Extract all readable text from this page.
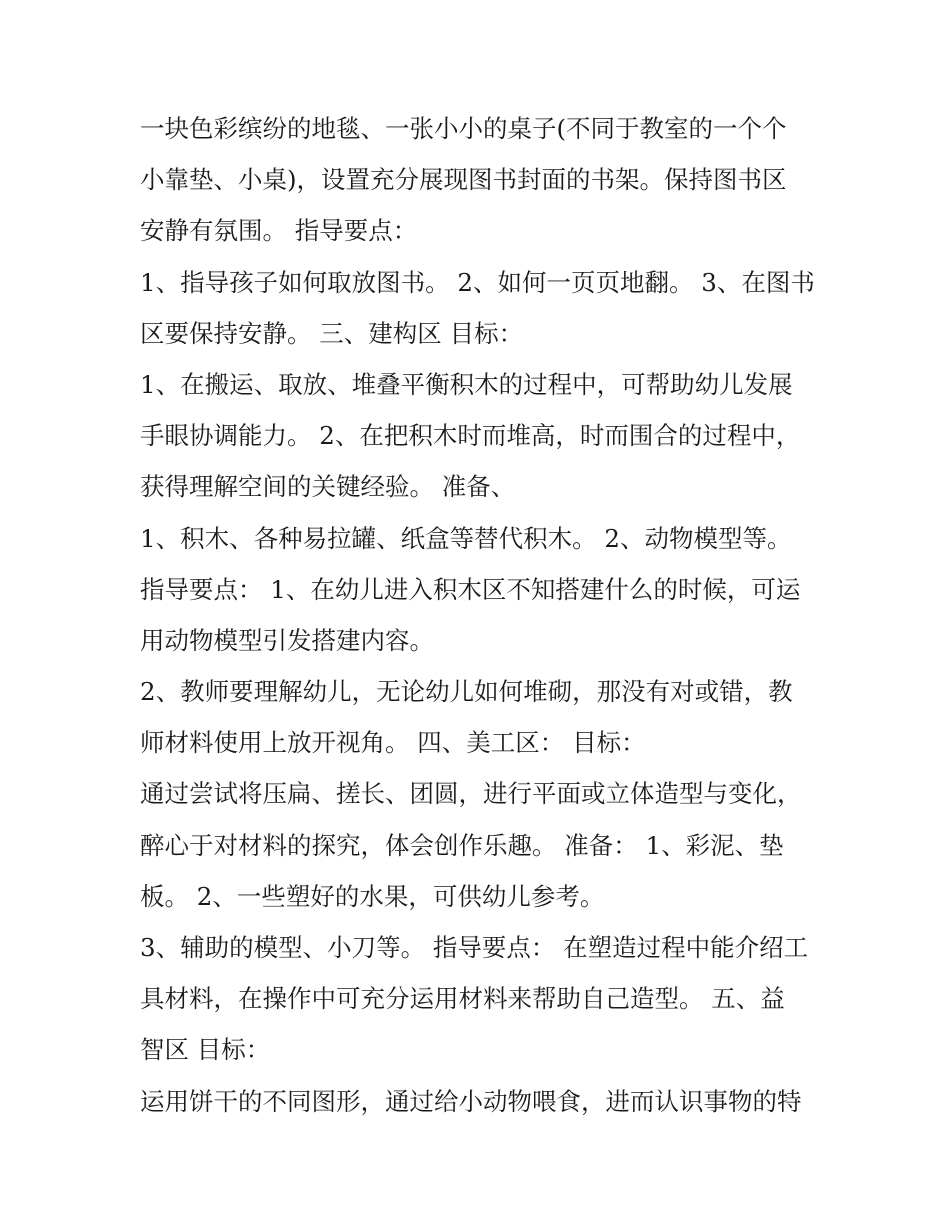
一块色彩缤纷的地毯、一张小小的桌子(不同于教室的一个个
小靠垫、小桌)，设置充分展现图书封面的书架。保持图书区
安静有氛围。 指导要点：
1、指导孩子如何取放图书。 2、如何一页页地翻。 3、在图书
区要保持安静。 三、建构区 目标：
1、在搬运、取放、堆叠平衡积木的过程中，可帮助幼儿发展
手眼协调能力。 2、在把积木时而堆高，时而围合的过程中，
获得理解空间的关键经验。 准备、
1、积木、各种易拉罐、纸盒等替代积木。 2、动物模型等。
指导要点： 1、在幼儿进入积木区不知搭建什么的时候，可运
用动物模型引发搭建内容。
2、教师要理解幼儿，无论幼儿如何堆砌，那没有对或错，教
师材料使用上放开视角。 四、美工区： 目标：
通过尝试将压扁、搓长、团圆，进行平面或立体造型与变化，
醉心于对材料的探究，体会创作乐趣。 准备： 1、彩泥、垫
板。 2、一些塑好的水果，可供幼儿参考。
3、辅助的模型、小刀等。 指导要点： 在塑造过程中能介绍工
具材料，在操作中可充分运用材料来帮助自己造型。 五、益
智区 目标：
运用饼干的不同图形，通过给小动物喂食，进而认识事物的特
